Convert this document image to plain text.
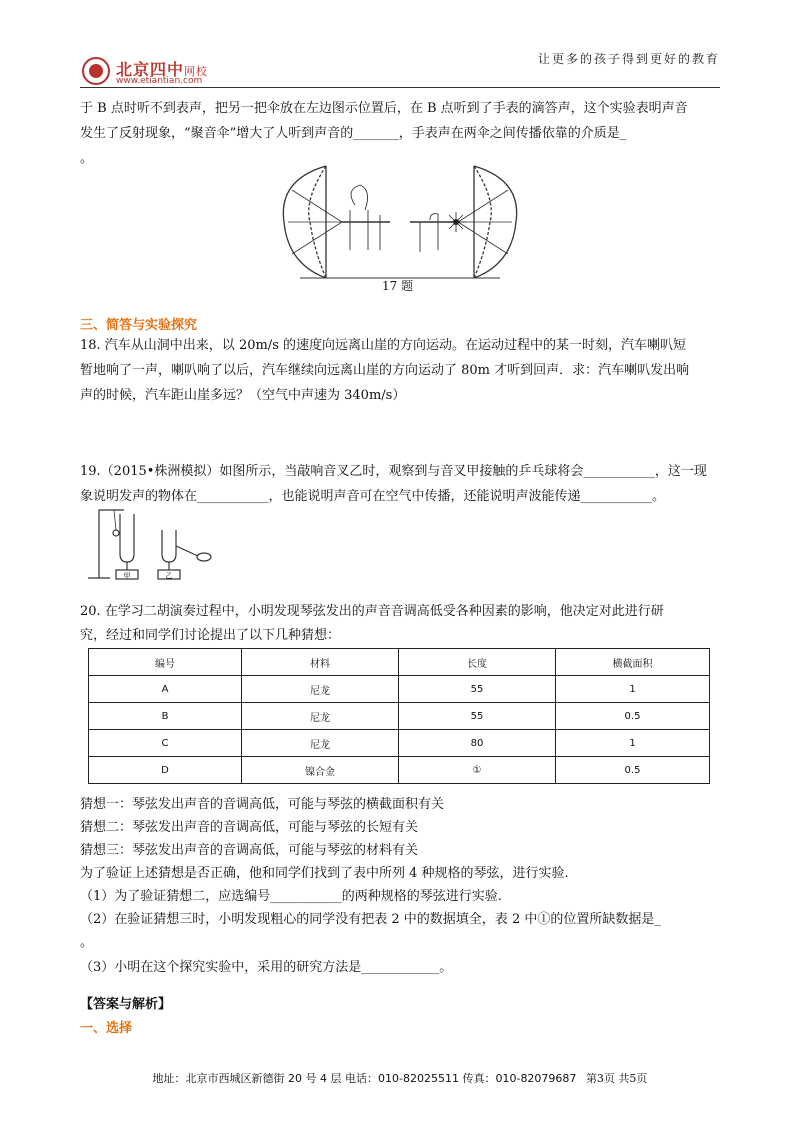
北京四中网校
www.etiantian.com
让更多的孩子得到更好的教育
于 B 点时听不到表声，把另一把伞放在左边图示位置后，在 B 点听到了手表的滴答声，这个实验表明声音
发生了反射现象，“聚音伞”增大了人听到声音的_______，手表声在两伞之间传播依靠的介质是_
。
17 题
三、简答与实验探究
18. 汽车从山洞中出来，以 20m/s 的速度向远离山崖的方向运动。在运动过程中的某一时刻，汽车喇叭短
暂地响了一声，喇叭响了以后，汽车继续向远离山崖的方向运动了 80m 才听到回声．求：汽车喇叭发出响
声的时候，汽车距山崖多远？（空气中声速为 340m/s）
19.（2015•株洲模拟）如图所示，当敲响音叉乙时，观察到与音叉甲接触的乒乓球将会___________，这一现
象说明发声的物体在___________，也能说明声音可在空气中传播，还能说明声波能传递___________。
甲	乙
20. 在学习二胡演奏过程中，小明发现琴弦发出的声音音调高低受各种因素的影响，他决定对此进行研
究，经过和同学们讨论提出了以下几种猜想：
编号	材料	长度	横截面积
A	尼龙	55	1
B	尼龙	55	0.5
C	尼龙	80	1
D	镍合金	①	0.5
猜想一：琴弦发出声音的音调高低，可能与琴弦的横截面积有关
猜想二：琴弦发出声音的音调高低，可能与琴弦的长短有关
猜想三：琴弦发出声音的音调高低，可能与琴弦的材料有关
为了验证上述猜想是否正确，他和同学们找到了表中所列 4 种规格的琴弦，进行实验.
（1）为了验证猜想二，应选编号___________的两种规格的琴弦进行实验.
（2）在验证猜想三时，小明发现粗心的同学没有把表 2 中的数据填全，表 2 中①的位置所缺数据是_
。
（3）小明在这个探究实验中，采用的研究方法是____________。
【答案与解析】
一、选择
地址：北京市西城区新德街 20 号 4 层 电话：010-82025511 传真：010-82079687 第3页 共5页
